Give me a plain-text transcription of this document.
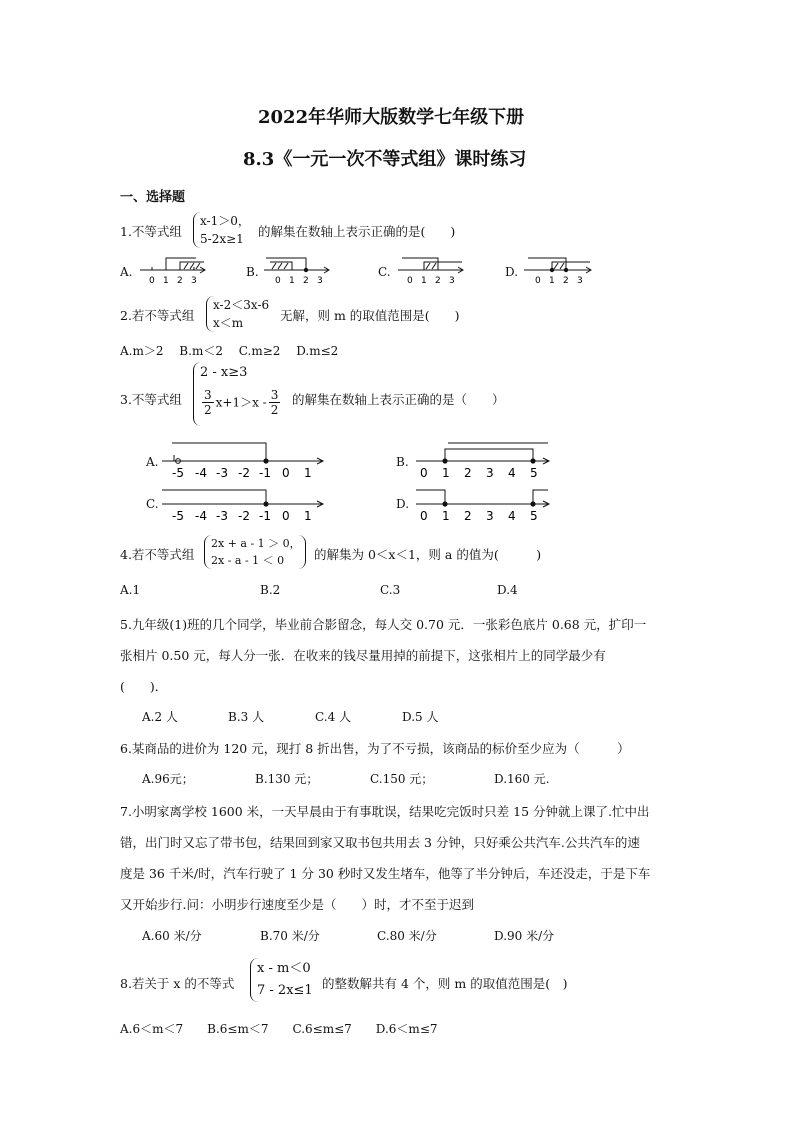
2022年华师大版数学七年级下册
8.3《一元一次不等式组》课时练习
一、选择题
1.不等式组
x-1＞0，
5-2x≥1	的解集在数轴上表示正确的是(　　)
A.	B.	C.	D.
0 1 2 3	0 1 2 3	0 1 2 3	0 1 2 3
2.若不等式组
x-2＜3x-6
x＜m	无解，则 m 的取值范围是(　　)
A.m＞2　 B.m＜2　 C.m≥2　 D.m≤2
3.不等式组
2 - x≥3
$\frac{3}{2} x+1>x - \frac{3}{2}$ 的解集在数轴上表示正确的是（　　）
A.	B.
C.	D.
-5 -4 -3 -2 -1 0 1	0 1 2 3 4 5
-5 -4 -3 -2 -1 0 1	0 1 2 3 4 5
4.若不等式组
2x + a - 1 ＞ 0，
2x - a - 1 ＜ 0	的解集为 0＜x＜1，则 a 的值为(　　　)
A.1	B.2	C.3	D.4
5.九年级(1)班的几个同学，毕业前合影留念，每人交 0.70 元．一张彩色底片 0.68 元，扩印一
张相片 0.50 元，每人分一张．在收来的钱尽量用掉的前提下，这张相片上的同学最少有
(　　)．
A.2 人	B.3 人	C.4 人	D.5 人
6.某商品的进价为 120 元，现打 8 折出售，为了不亏损，该商品的标价至少应为（　　　）
A.96元；	B.130 元；	C.150 元；	D.160 元.
7.小明家离学校 1600 米，一天早晨由于有事耽误，结果吃完饭时只差 15 分钟就上课了.忙中出
错，出门时又忘了带书包，结果回到家又取书包共用去 3 分钟，只好乘公共汽车.公共汽车的速
度是 36 千米/时，汽车行驶了 1 分 30 秒时又发生堵车，他等了半分钟后，车还没走，于是下车
又开始步行.问：小明步行速度至少是（　　）时，才不至于迟到
A.60 米/分	B.70 米/分	C.80 米/分	D.90 米/分
8.若关于 x 的不等式
x - m＜0
7 - 2x≤1 的整数解共有 4 个，则 m 的取值范围是(　)
A.6＜m＜7　　B.6≤m＜7　　C.6≤m≤7　　D.6＜m≤7
